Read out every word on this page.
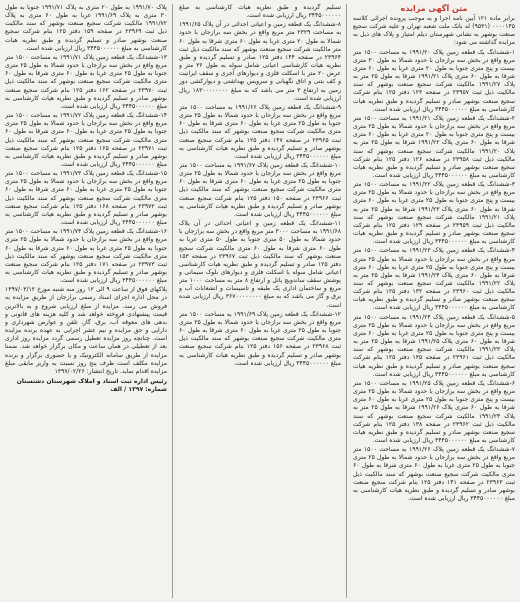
متن آگهی مزایده

برابر ماده ۱۲۱ آیین نامه اجرا و به موجب پرونده اجرائی کلاسه ۰۰۰۰۱۴۵ (۹۵۳۱) له بانک ملت شعبه تهران و علیه شرکت سجیع صنعت بوشهر به نشانی شهرستان دیلم امتیاز و پلاک های ذیل به مزایده گذاشته می شود:

۱-ششدانگ یک قطعه زمین پلاک ۱۹۹۱/۲۰ به مساحت ۱۵۰۰ متر مربع واقع در بخش سه برازجان با حدود شمالا به طول ۳۰ متری بیست و پنج متری جنوبا به طول ۲۰ متری غربا به طول ۶۰ متری شرقا به طول ۶۰ متری پلاک ۱۹۹۱/۲۱ شرقا به طول ۲۵ متر به پلاک ۱۹۹۱/۲۷ مالکیت شرکت سجیع صنعت بوشهر که سند مالکیت ذیل ثبت ۲۳۹۵۷ در صفحه ۱۲۳ دفتر ۱۲۵ بنام شرکت سجیع صنعت بوشهر صادر و تسلیم گردیده و طبق نظریه هیات کارشناسی به مبلغ ۳۴۴۵۰۰۰۰۰۰ ریال ارزیابی شده است.

۲-ششدانگ یک قطعه زمین پلاک ۱۹۹۱/۲۱ به مساحت ۱۵۰۰ متر مربع واقع در بخش سه برازجان با حدود شمالا به طول ۲۵ متری بیست و پنج متری جنوبا به طول ۲۰ متری غربا به طول ۶۰ متری شرقا به طول ۶۰ متری پلاک ۱۹۹۱/۲۲ شرقا به طول ۲۵ متر به پلاک ۱۹۹۱/۲۰ مالکیت شرکت سجیع صنعت بوشهر که سند مالکیت ذیل ثبت ۲۳۹۵۸ در صفحه ۱۲۶ دفتر ۱۲۵ بنام شرکت سجیع صنعت بوشهر صادر و تسلیم گردیده و طبق نظریه هیات کارشناسی به مبلغ ۳۴۴۵۰۰۰۰۰۰ ریال ارزیابی شده است.

۳-ششدانگ یک قطعه زمین پلاک ۱۹۹۱/۲۲ به مساحت ۱۵۰۰ متر مربع واقع در بخش سه برازجان با حدود شمالا به طول ۲۵ متری بیست و پنج متری جنوبا به طول ۲۵ متری غربا به طول ۶۰ متری شرقا به طول ۶۰ متری پلاک ۱۹۹۱/۲۳ شرقا به طول ۲۵ متر به پلاک ۱۹۹۱/۲۱ مالکیت شرکت سجیع صنعت بوشهر که سند مالکیت ذیل ثبت ۲۳۹۵۹ در صفحه ۱۲۹ دفتر ۱۲۵ بنام شرکت سجیع صنعت بوشهر صادر و تسلیم گردیده و طبق نظریه هیات کارشناسی به مبلغ ۳۴۴۵۰۰۰۰۰۰ ریال ارزیابی شده است.

۴-ششدانگ یک قطعه زمین پلاک ۱۹۹۱/۲۳ به مساحت ۱۵۰۰ متر مربع واقع در بخش سه برازجان با حدود شمالا به طول ۲۵ متری بیست و پنج متری جنوبا به طول ۲۵ متری غربا به طول ۶۰ متری شرقا به طول ۶۰ متری پلاک ۱۹۹۱/۲۴ شرقا به طول ۲۵ متر به پلاک ۱۹۹۱/۲۲ مالکیت شرکت سجیع صنعت بوشهر که سند مالکیت ذیل ثبت ۲۳۹۶۰ در صفحه ۱۳۲ دفتر ۱۲۵ بنام شرکت سجیع صنعت بوشهر صادر و تسلیم گردیده و طبق نظریه هیات کارشناسی به مبلغ ۳۴۴۵۰۰۰۰۰۰ ریال ارزیابی شده است.

۵-ششدانگ یک قطعه زمین پلاک ۱۹۹۱/۲۴ به مساحت ۱۵۰۰ متر مربع واقع در بخش سه برازجان با حدود شمالا به طول ۲۵ متری بیست و پنج متری جنوبا به طول ۲۵ متری غربا به طول ۶۰ متری شرقا به طول ۶۰ متری پلاک ۱۹۹۱/۲۵ شرقا به طول ۲۵ متر به پلاک ۱۹۹۱/۲۳ مالکیت شرکت سجیع صنعت بوشهر که سند مالکیت ذیل ثبت ۲۳۹۶۱ در صفحه ۱۳۵ دفتر ۱۲۵ بنام شرکت سجیع صنعت بوشهر صادر و تسلیم گردیده و طبق نظریه هیات کارشناسی به مبلغ ۳۴۴۵۰۰۰۰۰۰ ریال ارزیابی شده است.

۶-ششدانگ یک قطعه زمین پلاک ۱۹۹۱/۲۵ به مساحت ۱۵۰۰ متر مربع واقع در بخش سه برازجان با حدود شمالا به طول ۲۵ متری بیست و پنج متری جنوبا به طول ۲۵ متری غربا به طول ۶۰ متری شرقا به طول ۶۰ متری پلاک ۱۹۹۱/۲۶ شرقا به طول ۲۵ متر به پلاک ۱۹۹۱/۲۴ مالکیت شرکت سجیع صنعت بوشهر که سند مالکیت ذیل ثبت ۲۳۹۶۲ در صفحه ۱۳۸ دفتر ۱۲۵ بنام شرکت سجیع صنعت بوشهر صادر و تسلیم گردیده و طبق نظریه هیات کارشناسی به مبلغ ۳۴۴۵۰۰۰۰۰۰ ریال ارزیابی شده است.

۷-ششدانگ یک قطعه زمین پلاک ۱۹۹۱/۲۶ به مساحت ۱۵۰۰ متر مربع واقع در بخش سه برازجان با حدود شمالا به طول ۲۵ متری جنوبا به طول ۲۵ متری غربا به طول ۶۰ متری شرقا به طول ۶۰ متری مالکیت شرکت سجیع صنعت بوشهر که سند مالکیت ذیل ثبت ۲۳۹۶۳ در صفحه ۱۴۱ دفتر ۱۲۵ بنام شرکت سجیع صنعت بوشهر صادر و تسلیم گردیده و طبق نظریه هیات کارشناسی به مبلغ ۳۴۴۵۰۰۰۰۰۰ ریال ارزیابی شده است.

تسلیم گردیده و طبق نظریه هیات کارشناسی به مبلغ ۳۴۴۵۰۰۰۰۰۰ ریال ارزیابی شده است.

۸-ششدانگ یک قطعه زمین و اعیانی احداثی در آن پلاک ۱۹۹۱/۶۵ به مساحت ۲۳۲۹ متر مربع واقع در بخش سه برازجان با حدود شمالا به طول ۲۰ متری غربا به طول ۶۰ متری شرقا به طول ۶۰ متر مالکیت شرکت سجیع صنعت بوشهر که سند مالکیت ذیل ثبت ۲۳۹۶۴ در صفحه ۱۴۴ دفتر ۱۲۵ صادر و تسلیم گردیده و طبق نظریه هیات کارشناسی اعیانی شامل سوله به طول ۳۶ متر و عرض ۲۰ متر با اسکلت فلزی و دیوارهای آجری و سقف ایرانیت و کف بتنی و اتاق نگهبانی و سرویس بهداشتی و دیوارکشی دور زمین به ارتفاع ۳ متر می باشد که به مبلغ ۱۸۳۰۰۰۰۰۰۰۰ ریال ارزیابی شده است.

۹-ششدانگ یک قطعه زمین پلاک ۱۹۹۱/۶۶ به مساحت ۱۵۰۰ متر مربع واقع در بخش سه برازجان با حدود شمالا به طول ۲۵ متری جنوبا به طول ۲۵ متری غربا به طول ۶۰ متری شرقا به طول ۶۰ متری مالکیت شرکت سجیع صنعت بوشهر که سند مالکیت ذیل ثبت ۲۳۹۶۵ در صفحه ۱۴۷ دفتر ۱۲۵ بنام شرکت سجیع صنعت بوشهر صادر و تسلیم گردیده و طبق نظریه هیات کارشناسی به مبلغ ۳۴۴۵۰۰۰۰۰۰ ریال ارزیابی شده است.

۱۰-ششدانگ یک قطعه زمین پلاک ۱۹۹۱/۶۷ به مساحت ۱۵۰۰ متر مربع واقع در بخش سه برازجان با حدود شمالا به طول ۲۵ متری جنوبا به طول ۲۵ متری غربا به طول ۶۰ متری شرقا به طول ۶۰ متری مالکیت شرکت سجیع صنعت بوشهر که سند مالکیت ذیل ثبت ۲۳۹۶۶ در صفحه ۱۵۰ دفتر ۱۲۵ بنام شرکت سجیع صنعت بوشهر صادر و تسلیم گردیده و طبق نظریه هیات کارشناسی به مبلغ ۳۴۴۵۰۰۰۰۰۰ ریال ارزیابی شده است.

۱۱-ششدانگ یک قطعه زمین و اعیانی احداثی در آن پلاک ۱۹۹۱/۶۸ به مساحت ۳۰۰۰ متر مربع واقع در بخش سه برازجان با حدود شمالا به طول ۵۰ متری جنوبا به طول ۵۰ متری غربا به طول ۶۰ متری شرقا به طول ۶۰ متری مالکیت شرکت سجیع صنعت بوشهر که سند مالکیت ذیل ثبت ۲۳۹۶۷ در صفحه ۱۵۳ دفتر ۱۲۵ صادر و تسلیم گردیده و طبق نظریه هیات کارشناسی اعیانی شامل سوله با اسکلت فلزی و دیوارهای بلوک سیمانی و پوشش سقف ساندویچ پانل و ارتفاع ۸ متر به مساحت ۱۰۰۰ متر مربع و ساختمان اداری یک طبقه و تاسیسات و انشعابات آب و برق و گاز می باشد که به مبلغ ۳۶۷۰۰۰۰۰۰۰۰ ریال ارزیابی شده است.

۱۲-ششدانگ یک قطعه زمین پلاک ۱۹۹۱/۶۹ به مساحت ۱۵۰۰ متر مربع واقع در بخش سه برازجان با حدود شمالا به طول ۲۵ متری جنوبا به طول ۲۵ متری غربا به طول ۶۰ متری شرقا به طول ۶۰ متری مالکیت شرکت سجیع صنعت بوشهر که سند مالکیت ذیل ثبت ۲۳۹۶۸ در صفحه ۱۵۶ دفتر ۱۲۵ بنام شرکت سجیع صنعت بوشهر صادر و تسلیم گردیده و طبق نظریه هیات کارشناسی به مبلغ ۳۴۴۵۰۰۰۰۰۰ ریال ارزیابی شده است.

پلاک ۱۹۹۱/۷۰ به طول ۲۰ متری به پلاک ۱۹۹۱/۷۱ جنوبا به طول ۳۰ متری به پلاک ۱۹۹۱/۶۹ غربا به طول ۶۰ متری به پلاک ۱۹۹۱/۷۲ مالکیت شرکت سجیع صنعت بوشهر که سند مالکیت ذیل ثبت ۲۳۹۶۹ در صفحه ۱۵۹ دفتر ۱۲۵ بنام شرکت سجیع صنعت بوشهر صادر و تسلیم گردیده و طبق نظریه هیات کارشناسی به مبلغ ۳۴۴۵۰۰۰۰۰۰ ریال ارزیابی شده است.

۱۳-ششدانگ یک قطعه زمین پلاک ۱۹۹۱/۷۱ به مساحت ۱۵۰۰ متر مربع واقع در بخش سه برازجان با حدود شمالا به طول ۲۵ متری جنوبا به طول ۲۵ متری غربا به طول ۶۰ متری شرقا به طول ۶۰ متری مالکیت شرکت سجیع صنعت بوشهر که سند مالکیت ذیل ثبت ۲۳۹۷۰ در صفحه ۱۶۲ دفتر ۱۲۵ بنام شرکت سجیع صنعت بوشهر صادر و تسلیم گردیده و طبق نظریه هیات کارشناسی به مبلغ ۳۴۴۵۰۰۰۰۰۰ ریال ارزیابی شده است.

۱۴-ششدانگ یک قطعه زمین پلاک ۱۹۹۱/۷۲ به مساحت ۱۵۰۰ متر مربع واقع در بخش سه برازجان با حدود شمالا به طول ۲۵ متری جنوبا به طول ۲۵ متری غربا به طول ۶۰ متری شرقا به طول ۶۰ متری مالکیت شرکت سجیع صنعت بوشهر که سند مالکیت ذیل ثبت ۲۳۹۷۱ در صفحه ۱۶۵ دفتر ۱۲۵ بنام شرکت سجیع صنعت بوشهر صادر و تسلیم گردیده و طبق نظریه هیات کارشناسی به مبلغ ۳۴۴۵۰۰۰۰۰۰ ریال ارزیابی شده است.

۱۵-ششدانگ یک قطعه زمین پلاک ۱۹۹۱/۷۳ به مساحت ۱۵۰۰ متر مربع واقع در بخش سه برازجان با حدود شمالا به طول ۲۵ متری جنوبا به طول ۲۵ متری غربا به طول ۶۰ متری شرقا به طول ۶۰ متری مالکیت شرکت سجیع صنعت بوشهر که سند مالکیت ذیل ثبت ۲۳۹۷۲ در صفحه ۱۶۸ دفتر ۱۲۵ بنام شرکت سجیع صنعت بوشهر صادر و تسلیم گردیده و طبق نظریه هیات کارشناسی به مبلغ ۳۴۴۵۰۰۰۰۰۰ ریال ارزیابی شده است.

۱۶-ششدانگ یک قطعه زمین پلاک ۱۹۹۱/۷۴ به مساحت ۱۵۰۰ متر مربع واقع در بخش سه برازجان با حدود شمالا به طول ۲۵ متری جنوبا به طول ۲۵ متری غربا به طول ۶۰ متری شرقا به طول ۶۰ متری مالکیت شرکت سجیع صنعت بوشهر که سند مالکیت ذیل ثبت ۲۳۹۷۳ در صفحه ۱۷۱ دفتر ۱۲۵ بنام شرکت سجیع صنعت بوشهر صادر و تسلیم گردیده و طبق نظریه هیات کارشناسی به مبلغ ۳۴۴۵۰۰۰۰۰۰ ریال ارزیابی شده است.

پلاکهای فوق از ساعت ۹ الی ۱۲ روز سه شنبه مورخ ۱۳۹۷/۰۳/۱۲ در محل اداره اجرای اسناد رسمی برازجان از طریق مزایده به فروش می رسد. مزایده از مبلغ ارزیابی شروع و به بالاترین قیمت پیشنهادی فروخته خواهد شد و کلیه هزینه های قانونی و بدهی های معوقه آب، برق، گاز، تلفن و عوارض شهرداری و دارایی و حق مزایده و نیم عشر اجرایی به عهده برنده مزایده است. چنانچه روز مزایده تعطیل رسمی گردد مزایده روز اداری بعد از تعطیلی در همان ساعت و مکان برگزار خواهد شد. ضمنا مزایده از طریق سامانه الکترونیک و یا حضوری برگزار و برنده مزایده مکلف است ظرف پنج روز نسبت به واریز مابقی مبلغ مزایده اقدام نماید. تاریخ انتشار: ۱۳۹۷/۰۲/۲۶

رئیس اداره ثبت اسناد و املاک شهرستان دشتستان
شماره: ۱۳۹۷ / الف
